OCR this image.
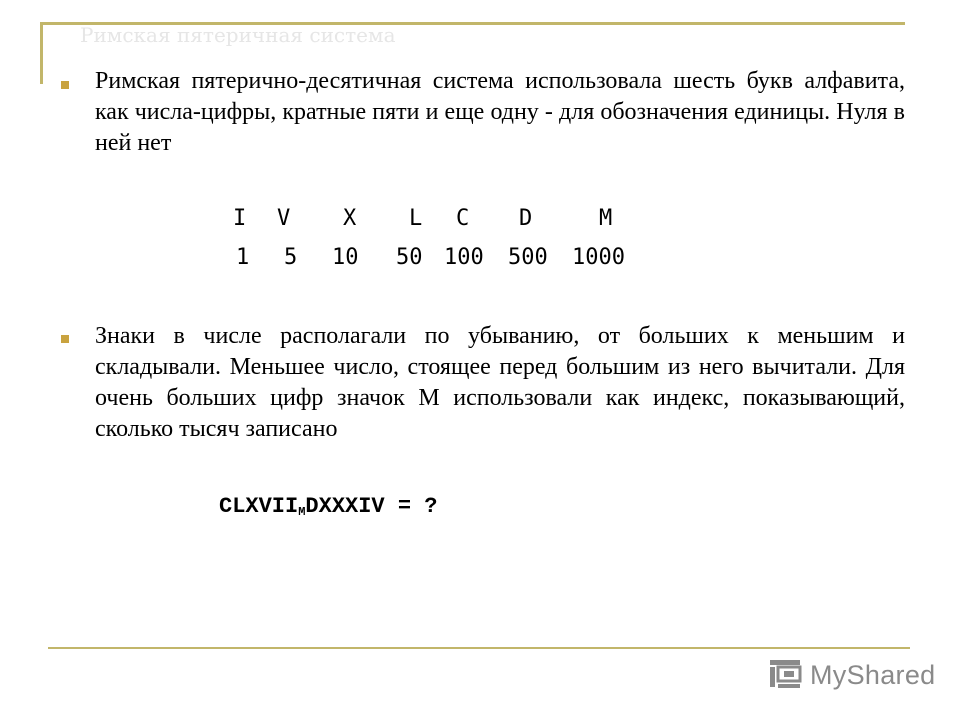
Римская пятеричная система
Римская пятерично-десятичная система использовала шесть букв алфавита, как числа-цифры, кратные пяти и еще одну - для обозначения единицы. Нуля в ней нет
I V X L C D	M
1 5 10 50 100 500 1000
Знаки в числе располагали по убыванию, от больших к меньшим и складывали. Меньшее число, стоящее перед большим из него вычитали. Для очень больших цифр значок М использовали как индекс, показывающий, сколько тысяч записано
CLXVIIMDXXXIV = ?
MyShared
